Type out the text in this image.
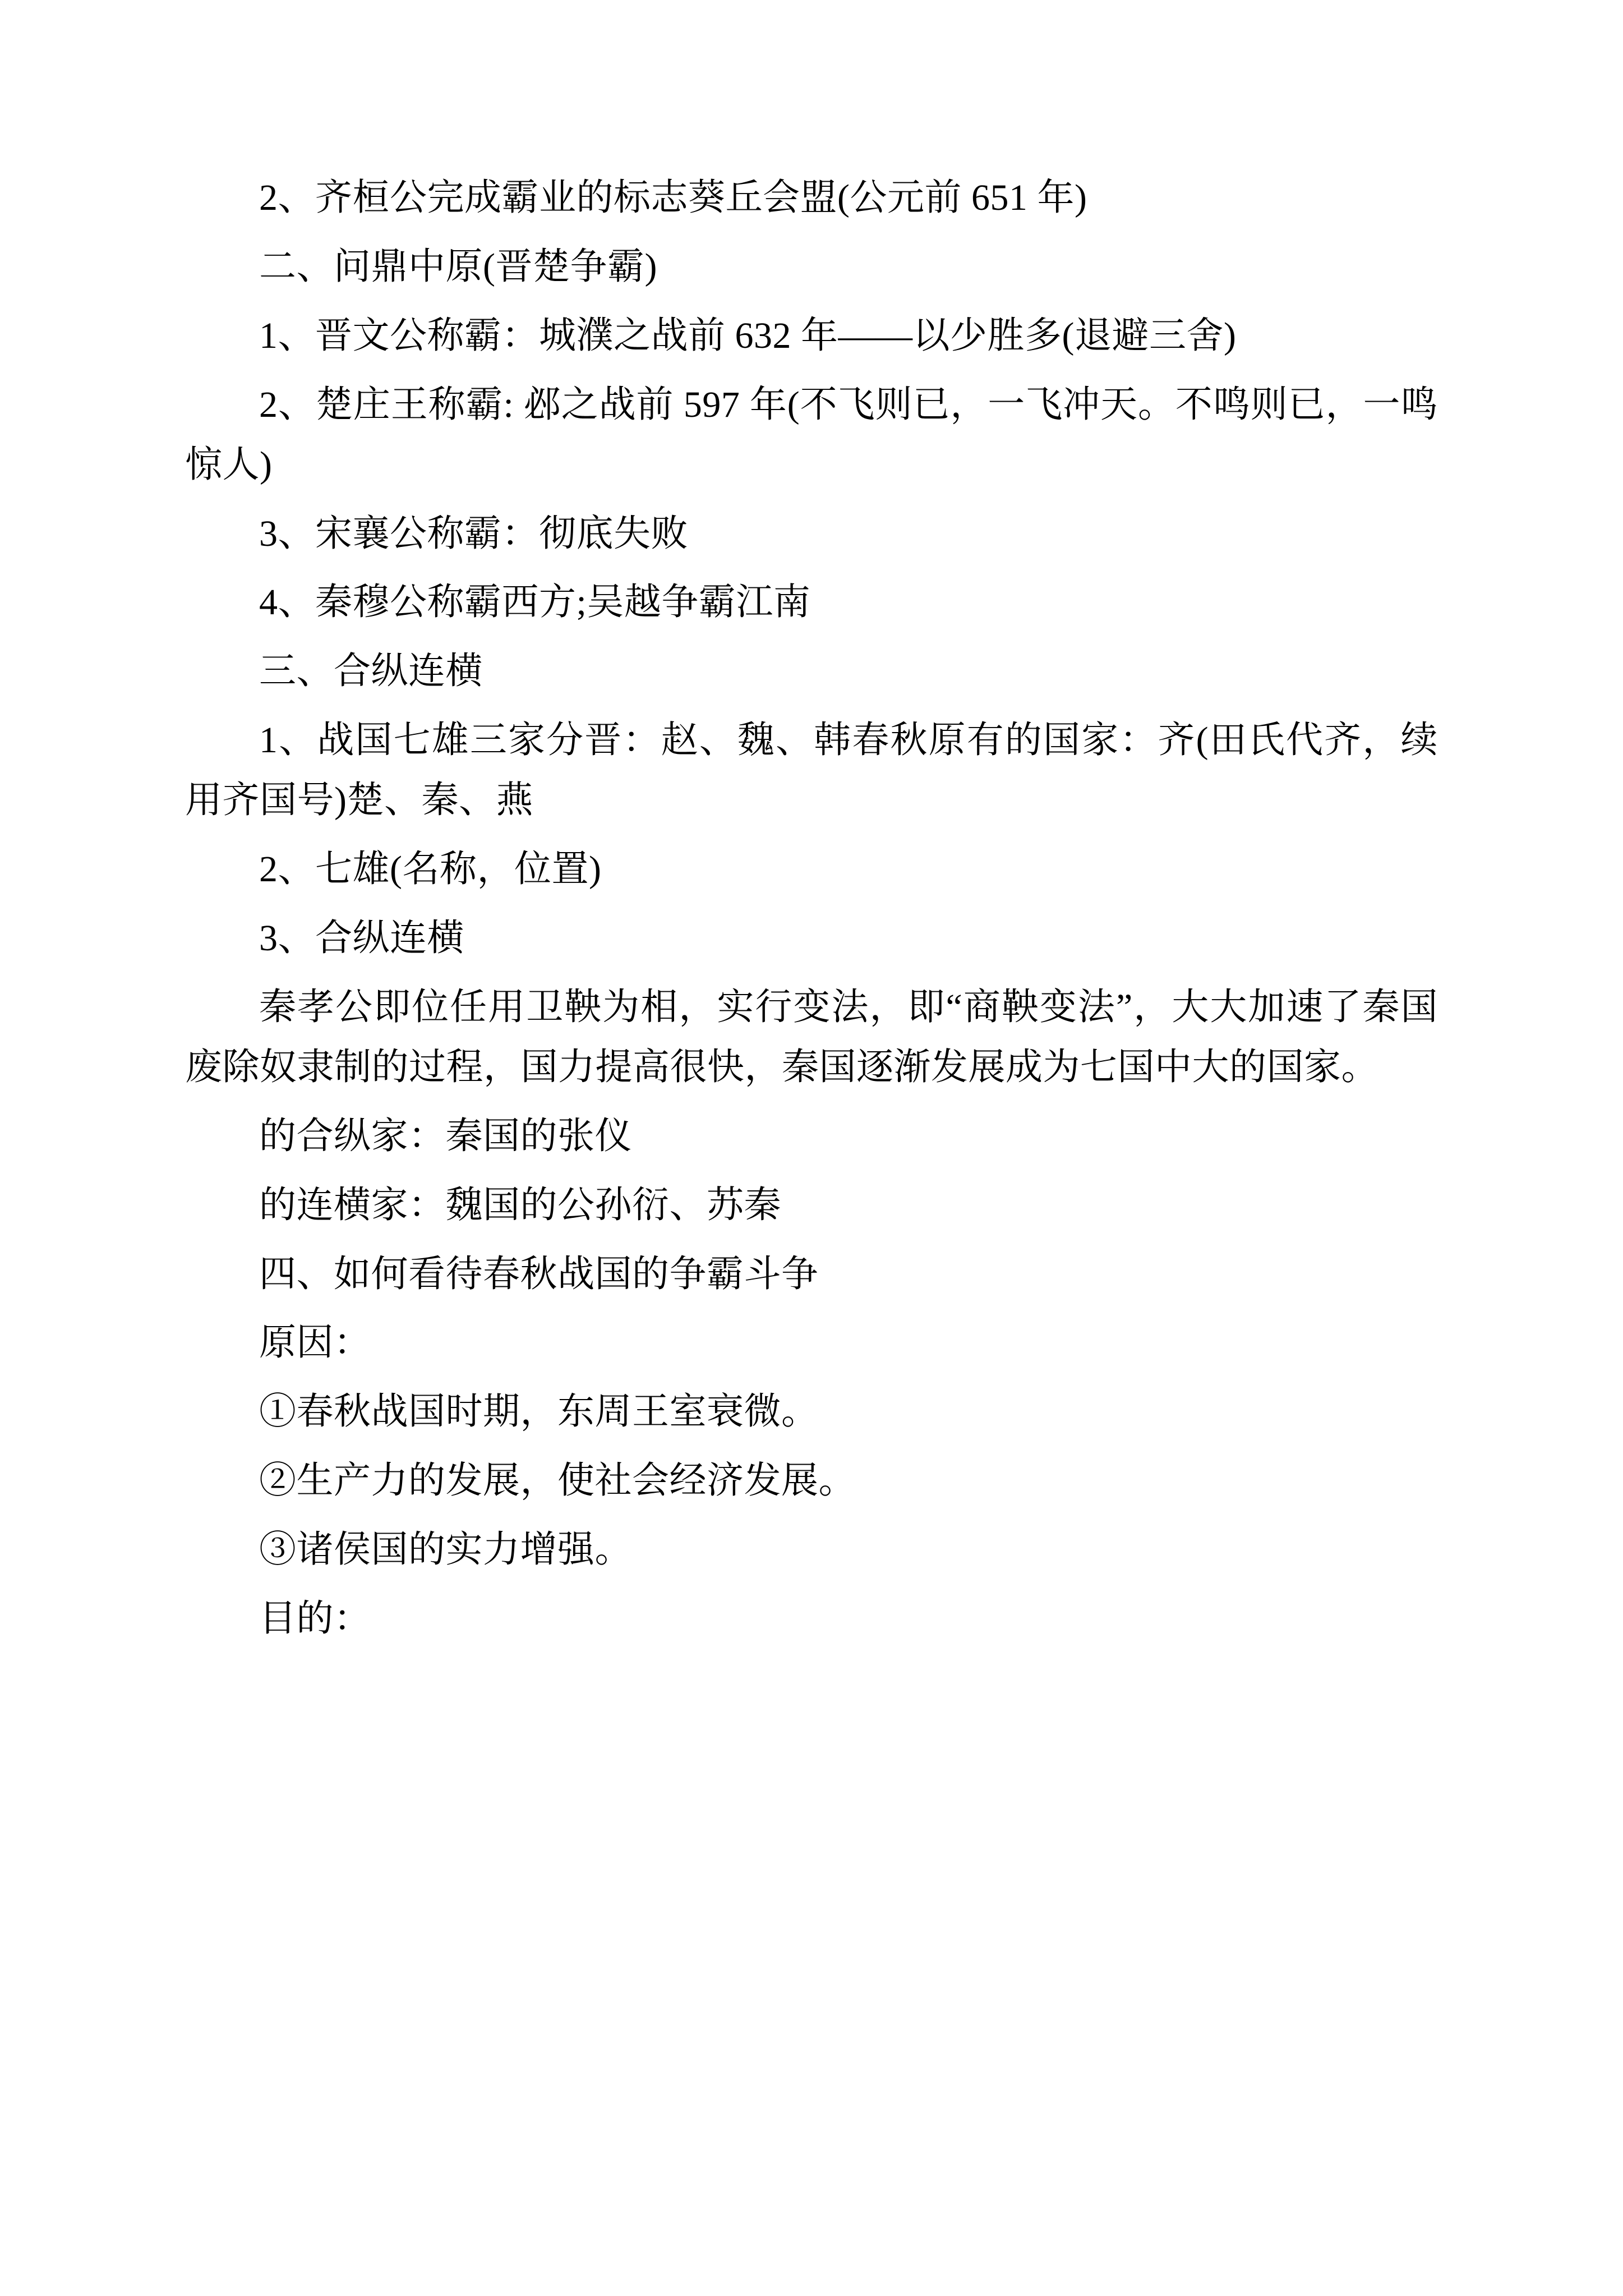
2、齐桓公完成霸业的标志葵丘会盟(公元前 651 年)

二、问鼎中原(晋楚争霸)

1、晋文公称霸：城濮之战前 632 年——以少胜多(退避三舍)

2、楚庄王称霸: 邲之战前 597 年(不飞则已，一飞冲天。不鸣则已，一鸣惊人)

3、宋襄公称霸：彻底失败

4、秦穆公称霸西方;吴越争霸江南

三、合纵连横

1、战国七雄三家分晋：赵、魏、韩春秋原有的国家：齐(田氏代齐，续用齐国号)楚、秦、燕

2、七雄(名称，位置)

3、合纵连横

秦孝公即位任用卫鞅为相，实行变法，即“商鞅变法”，大大加速了秦国废除奴隶制的过程，国力提高很快，秦国逐渐发展成为七国中大的国家。

的合纵家：秦国的张仪

的连横家：魏国的公孙衍、苏秦

四、如何看待春秋战国的争霸斗争

原因：

①春秋战国时期，东周王室衰微。

②生产力的发展，使社会经济发展。

③诸侯国的实力增强。

目的：
